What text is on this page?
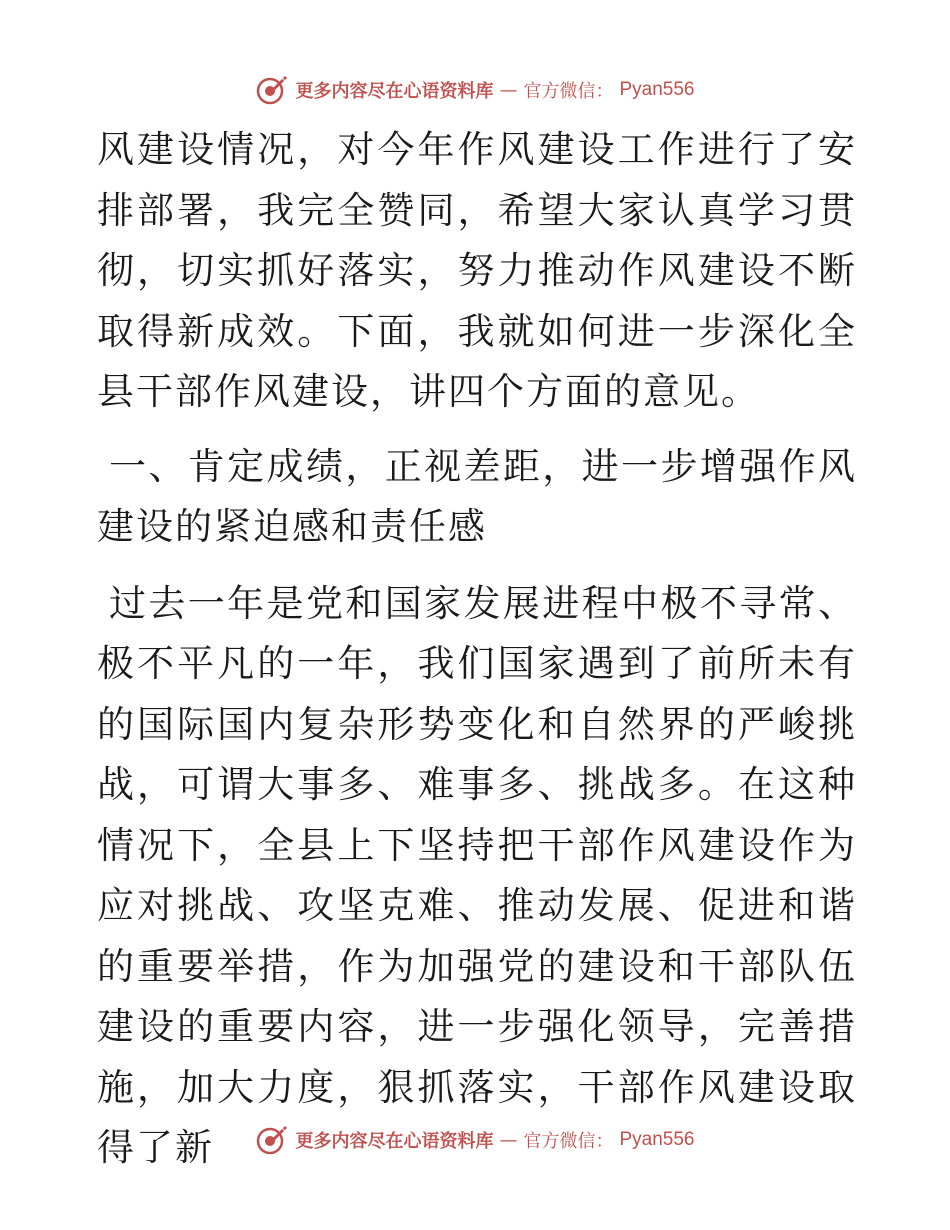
更多内容尽在心语资料库 — 官方微信： Pyan556

风建设情况，对今年作风建设工作进行了安排部署，我完全赞同，希望大家认真学习贯彻，切实抓好落实，努力推动作风建设不断取得新成效。下面，我就如何进一步深化全县干部作风建设，讲四个方面的意见。

一、肯定成绩，正视差距，进一步增强作风建设的紧迫感和责任感

过去一年是党和国家发展进程中极不寻常、极不平凡的一年，我们国家遇到了前所未有的国际国内复杂形势变化和自然界的严峻挑战，可谓大事多、难事多、挑战多。在这种情况下，全县上下坚持把干部作风建设作为应对挑战、攻坚克难、推动发展、促进和谐的重要举措，作为加强党的建设和干部队伍建设的重要内容，进一步强化领导，完善措施，加大力度，狠抓落实，干部作风建设取得了新	更多内容尽在心语资料库 — 官方微信： Pyan556
